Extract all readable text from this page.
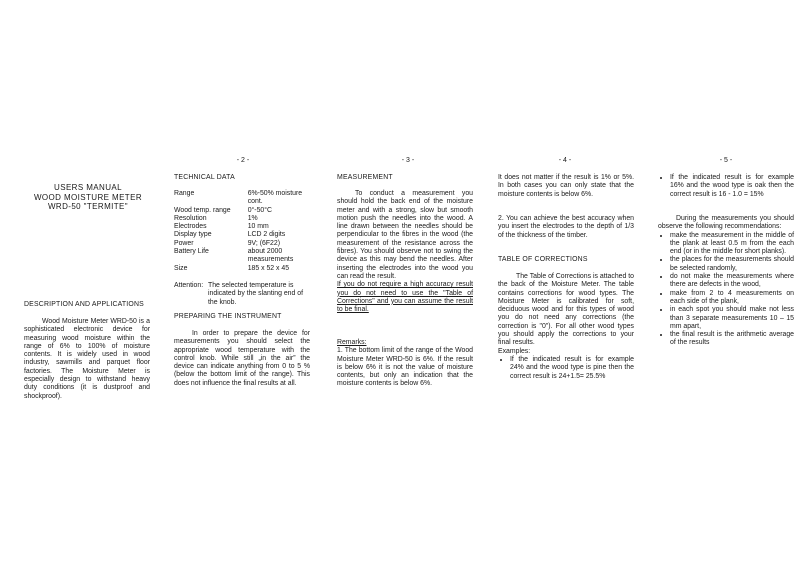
- 2 -	- 3 -	- 4 -	- 5 -
USERS MANUAL
WOOD MOISTURE METER
WRD-50 "TERMITE"
DESCRIPTION AND APPLICATIONS

Wood Moisture Meter WRD-50 is a sophisticated electronic device for measuring wood moisture within the range of 6% to 100% of moisture contents. It is widely used in wood industry, sawmills and parquet floor factories. The Moisture Meter is especially design to withstand heavy duty conditions (it is dustproof and shockproof).

TECHNICAL DATA
Range	6%-50% moisture cont.
Wood temp. range	0°-50°C
Resolution	1%
Electrodes	10 mm
Display type	LCD 2 digits
Power	9V; (6F22)
Battery Life	about 2000 measurements
Size	185 x 52 x 45
Attention:	The selected temperature is indicated by the slanting end of the knob.
PREPARING THE INSTRUMENT

In order to prepare the device for measurements you should select the appropriate wood temperature with the control knob. While still „in the air” the device can indicate anything from 0 to 5 % (below the bottom limit of the range). This does not influence the final results at all.

MEASUREMENT

To conduct a measurement you should hold the back end of the moisture meter and with a strong, slow but smooth motion push the needles into the wood. A line drawn between the needles should be perpendicular to the fibres in the wood (the measurement of the resistance across the fibres). You should observe not to swing the device as this may bend the needles. After inserting the electrodes into the wood you can read the result.

If you do not require a high accuracy result you do not need to use the "Table of Corrections" and you can assume the result to be final.

Remarks:

1. The bottom limit of the range of the Wood Moisture Meter WRD-50 is 6%. If the result is below 6% it is not the value of moisture contents, but only an indication that the moisture contents is below 6%.

It does not matter if the result is 1% or 5%. In both cases you can only state that the moisture contents is below 6%.

2. You can achieve the best accuracy when you insert the electrodes to the depth of 1/3 of the thickness of the timber.

TABLE OF CORRECTIONS

The Table of Corrections is attached to the back of the Moisture Meter. The table contains corrections for wood types. The Moisture Meter is calibrated for soft, deciduous wood and for this types of wood you do not need any corrections (the correction is "0"). For all other wood types you should apply the corrections to your final results.

Examples:

• If the indicated result is for example 24% and the wood type is pine then the correct result is 24+1.5= 25.5%
• If the indicated result is for example 16% and the wood type is oak then the correct result is 16 - 1.0 = 15%

During the measurements you should observe the following recommendations:

• make the measurement in the middle of the plank at least 0.5 m from the each end (or in the middle for short planks).
• the places for the measurements should be selected randomly,
• do not make the measurements where there are defects in the wood,
• make from 2 to 4 measurements on each side of the plank,
• in each spot you should make not less than 3 separate measurements 10 – 15 mm apart,
• the final result is the arithmetic average of the results
